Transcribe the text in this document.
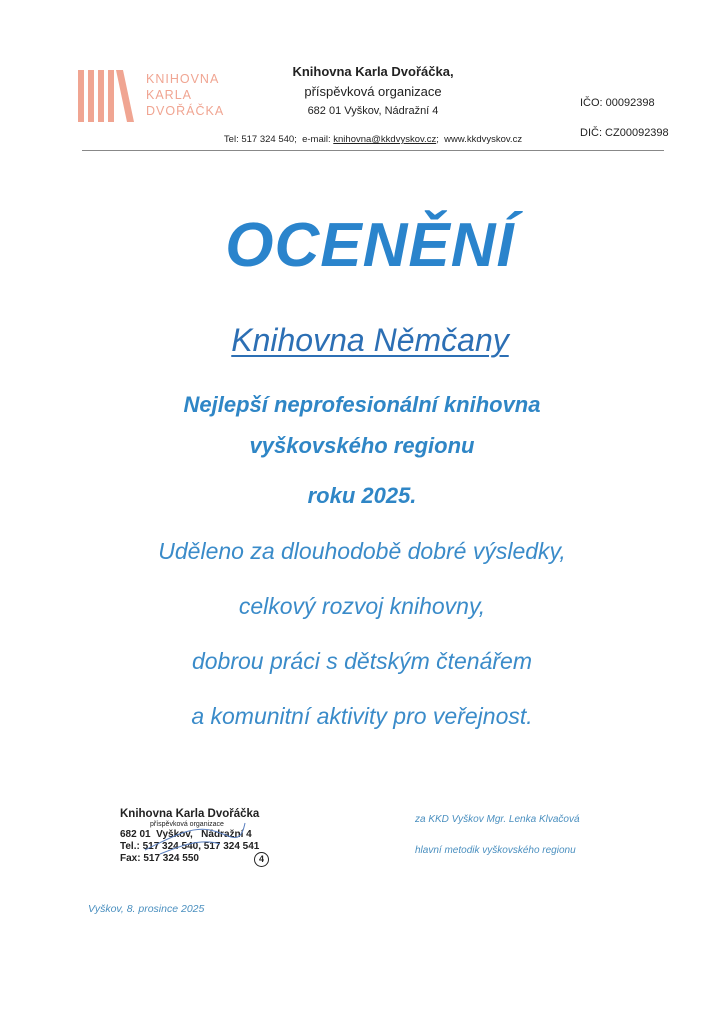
KNIHOVNA
KARLA
DVOŘÁČKA
Knihovna Karla Dvořáčka,
příspěvková organizace
682 01 Vyškov, Nádražní 4
IČO: 00092398
DIČ: CZ00092398
Tel: 517 324 540; e-mail: knihovna@kkdvyskov.cz; www.kkdvyskov.cz
OCENĚNÍ
Knihovna Němčany
Nejlepší neprofesionální knihovna
vyškovského regionu
roku 2025.
Uděleno za dlouhodobě dobré výsledky,
celkový rozvoj knihovny,
dobrou práci s dětským čtenářem
a komunitní aktivity pro veřejnost.
Knihovna Karla Dvořáčka
příspěvková organizace
682 01  Vyškov,   Nádražní 4
Tel.: 517 324 540, 517 324 541
Fax: 517 324 550	4
za KKD Vyškov Mgr. Lenka Klvačová
hlavní metodik vyškovského regionu
Vyškov, 8. prosince 2025
